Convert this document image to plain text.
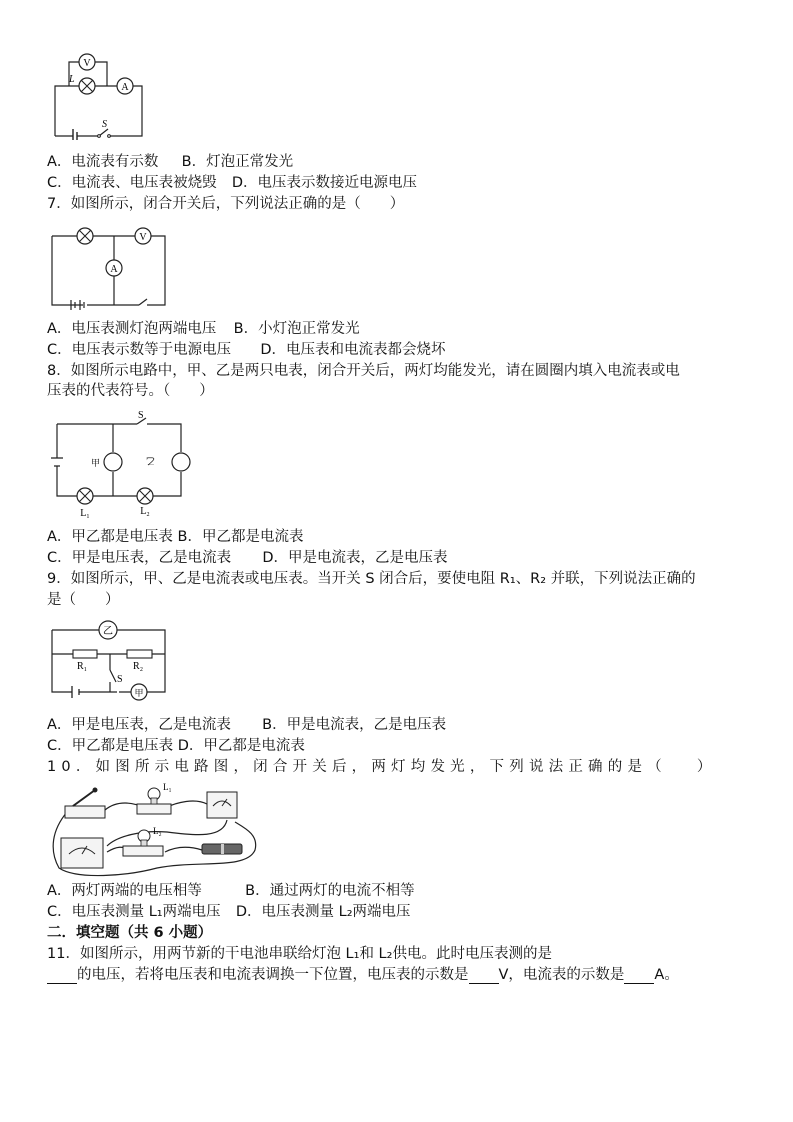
V
L
A
S
A．电流表有示数 B．灯泡正常发光
C．电流表、电压表被烧毁 D．电压表示数接近电源电压
7．如图所示，闭合开关后，下列说法正确的是（　　）
V
A
A．电压表测灯泡两端电压 B．小灯泡正常发光
C．电压表示数等于电源电压 D．电压表和电流表都会烧坏
8．如图所示电路中，甲、乙是两只电表，闭合开关后，两灯均能发光，请在圆圈内填入电流表或电
压表的代表符号。（　　）
S
甲	乙
L₁	L₂
A．甲乙都是电压表 B．甲乙都是电流表
C．甲是电压表，乙是电流表 D．甲是电流表，乙是电压表
9．如图所示，甲、乙是电流表或电压表。当开关 S 闭合后，要使电阻 R₁、R₂ 并联，下列说法正确的
是（　　）
乙
R₁	R₂
S
甲
A．甲是电压表，乙是电流表 B．甲是电流表，乙是电压表
C．甲乙都是电压表 D．甲乙都是电流表
10．如图所示电路图，闭合开关后，两灯均发光，下列说法正确的是（ ）
L₁
L₂
A．两灯两端的电压相等	B．通过两灯的电流不相等
C．电压表测量 L₁两端电压 D．电压表测量 L₂两端电压
二．填空题（共 6 小题）
11．如图所示，用两节新的干电池串联给灯泡 L₁和 L₂供电。此时电压表测的是
的电压，若将电压表和电流表调换一下位置，电压表的示数是 V，电流表的示数是 A。
